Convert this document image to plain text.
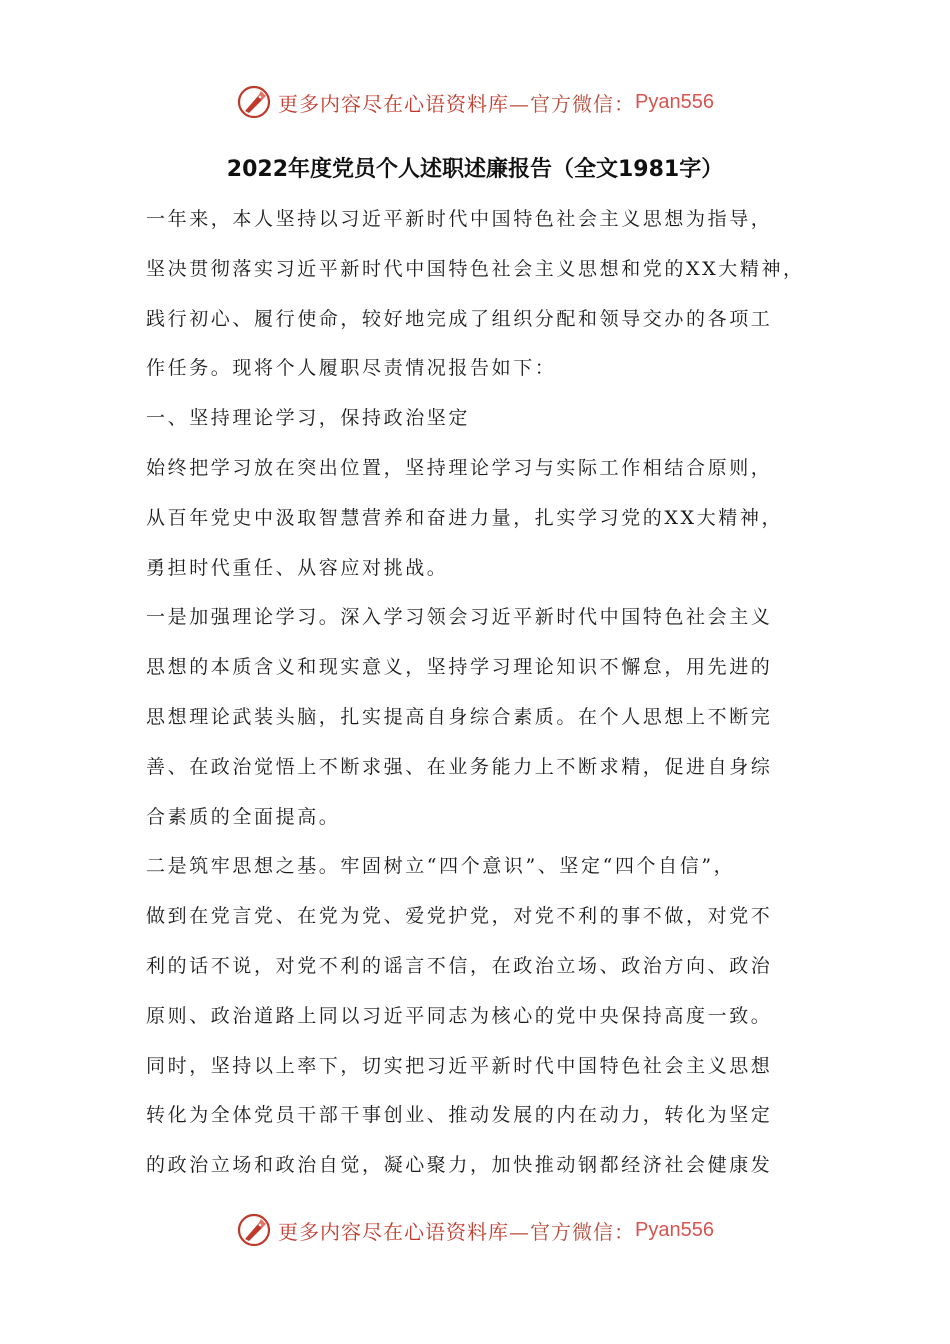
更多内容尽在心语资料库 —官方微信： Pyan556
2022年度党员个人述职述廉报告（全文1981字）

一年来，本人坚持以习近平新时代中国特色社会主义思想为指导，

坚决贯彻落实习近平新时代中国特色社会主义思想和党的XX大精神，

践行初心、履行使命，较好地完成了组织分配和领导交办的各项工

作任务。现将个人履职尽责情况报告如下：

一、坚持理论学习，保持政治坚定

始终把学习放在突出位置，坚持理论学习与实际工作相结合原则，

从百年党史中汲取智慧营养和奋进力量，扎实学习党的XX大精神，

勇担时代重任、从容应对挑战。

一是加强理论学习。深入学习领会习近平新时代中国特色社会主义

思想的本质含义和现实意义，坚持学习理论知识不懈怠，用先进的

思想理论武装头脑，扎实提高自身综合素质。在个人思想上不断完

善、在政治觉悟上不断求强、在业务能力上不断求精，促进自身综

合素质的全面提高。

二是筑牢思想之基。牢固树立“四个意识”、坚定“四个自信”，

做到在党言党、在党为党、爱党护党，对党不利的事不做，对党不

利的话不说，对党不利的谣言不信，在政治立场、政治方向、政治

原则、政治道路上同以习近平同志为核心的党中央保持高度一致。

同时，坚持以上率下，切实把习近平新时代中国特色社会主义思想

转化为全体党员干部干事创业、推动发展的内在动力，转化为坚定

的政治立场和政治自觉，凝心聚力，加快推动钢都经济社会健康发

更多内容尽在心语资料库 —官方微信： Pyan556
